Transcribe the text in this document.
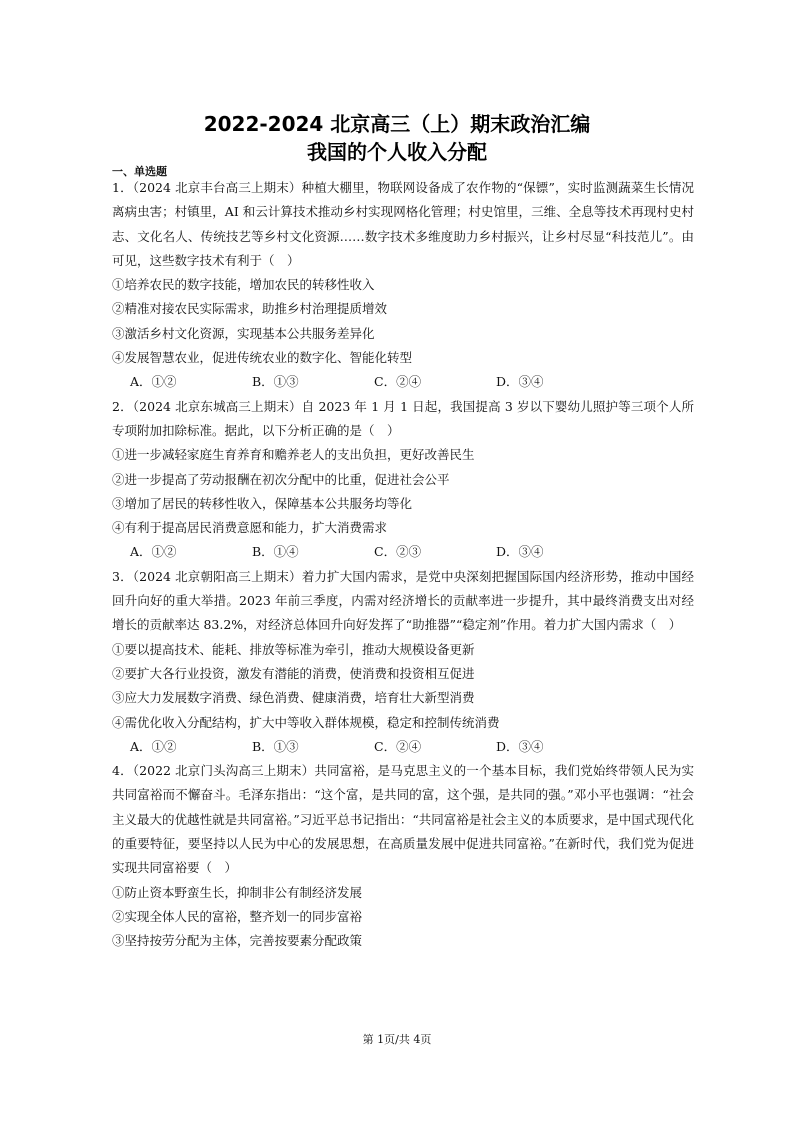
2022-2024 北京高三（上）期末政治汇编
我国的个人收入分配
一、单选题
1．（2024 北京丰台高三上期末）种植大棚里，物联网设备成了农作物的“保镖”，实时监测蔬菜生长情况
离病虫害；村镇里，AI 和云计算技术推动乡村实现网格化管理；村史馆里，三维、全息等技术再现村史村
志、文化名人、传统技艺等乡村文化资源……数字技术多维度助力乡村振兴，让乡村尽显“科技范儿”。由
可见，这些数字技术有利于（　）
①培养农民的数字技能，增加农民的转移性收入
②精准对接农民实际需求，助推乡村治理提质增效
③激活乡村文化资源，实现基本公共服务差异化
④发展智慧农业，促进传统农业的数字化、智能化转型
A．①②	B．①③	C．②④	D．③④
2．（2024 北京东城高三上期末）自 2023 年 1 月 1 日起，我国提高 3 岁以下婴幼儿照护等三项个人所
专项附加扣除标准。据此，以下分析正确的是（　）
①进一步减轻家庭生育养育和赡养老人的支出负担，更好改善民生
②进一步提高了劳动报酬在初次分配中的比重，促进社会公平
③增加了居民的转移性收入，保障基本公共服务均等化
④有利于提高居民消费意愿和能力，扩大消费需求
A．①②	B．①④	C．②③	D．③④
3．（2024 北京朝阳高三上期末）着力扩大国内需求，是党中央深刻把握国际国内经济形势，推动中国经
回升向好的重大举措。2023 年前三季度，内需对经济增长的贡献率进一步提升，其中最终消费支出对经
增长的贡献率达 83.2%，对经济总体回升向好发挥了“助推器”“稳定剂”作用。着力扩大国内需求（　）
①要以提高技术、能耗、排放等标准为牵引，推动大规模设备更新
②要扩大各行业投资，激发有潜能的消费，使消费和投资相互促进
③应大力发展数字消费、绿色消费、健康消费，培育壮大新型消费
④需优化收入分配结构，扩大中等收入群体规模，稳定和控制传统消费
A．①②	B．①③	C．②④	D．③④
4．（2022 北京门头沟高三上期末）共同富裕，是马克思主义的一个基本目标，我们党始终带领人民为实
共同富裕而不懈奋斗。毛泽东指出：“这个富，是共同的富，这个强，是共同的强。”邓小平也强调：“社会
主义最大的优越性就是共同富裕。”习近平总书记指出：“共同富裕是社会主义的本质要求，是中国式现代化
的重要特征，要坚持以人民为中心的发展思想，在高质量发展中促进共同富裕。”在新时代，我们党为促进
实现共同富裕要（　）
①防止资本野蛮生长，抑制非公有制经济发展
②实现全体人民的富裕，整齐划一的同步富裕
③坚持按劳分配为主体，完善按要素分配政策
第 1页/共 4页
